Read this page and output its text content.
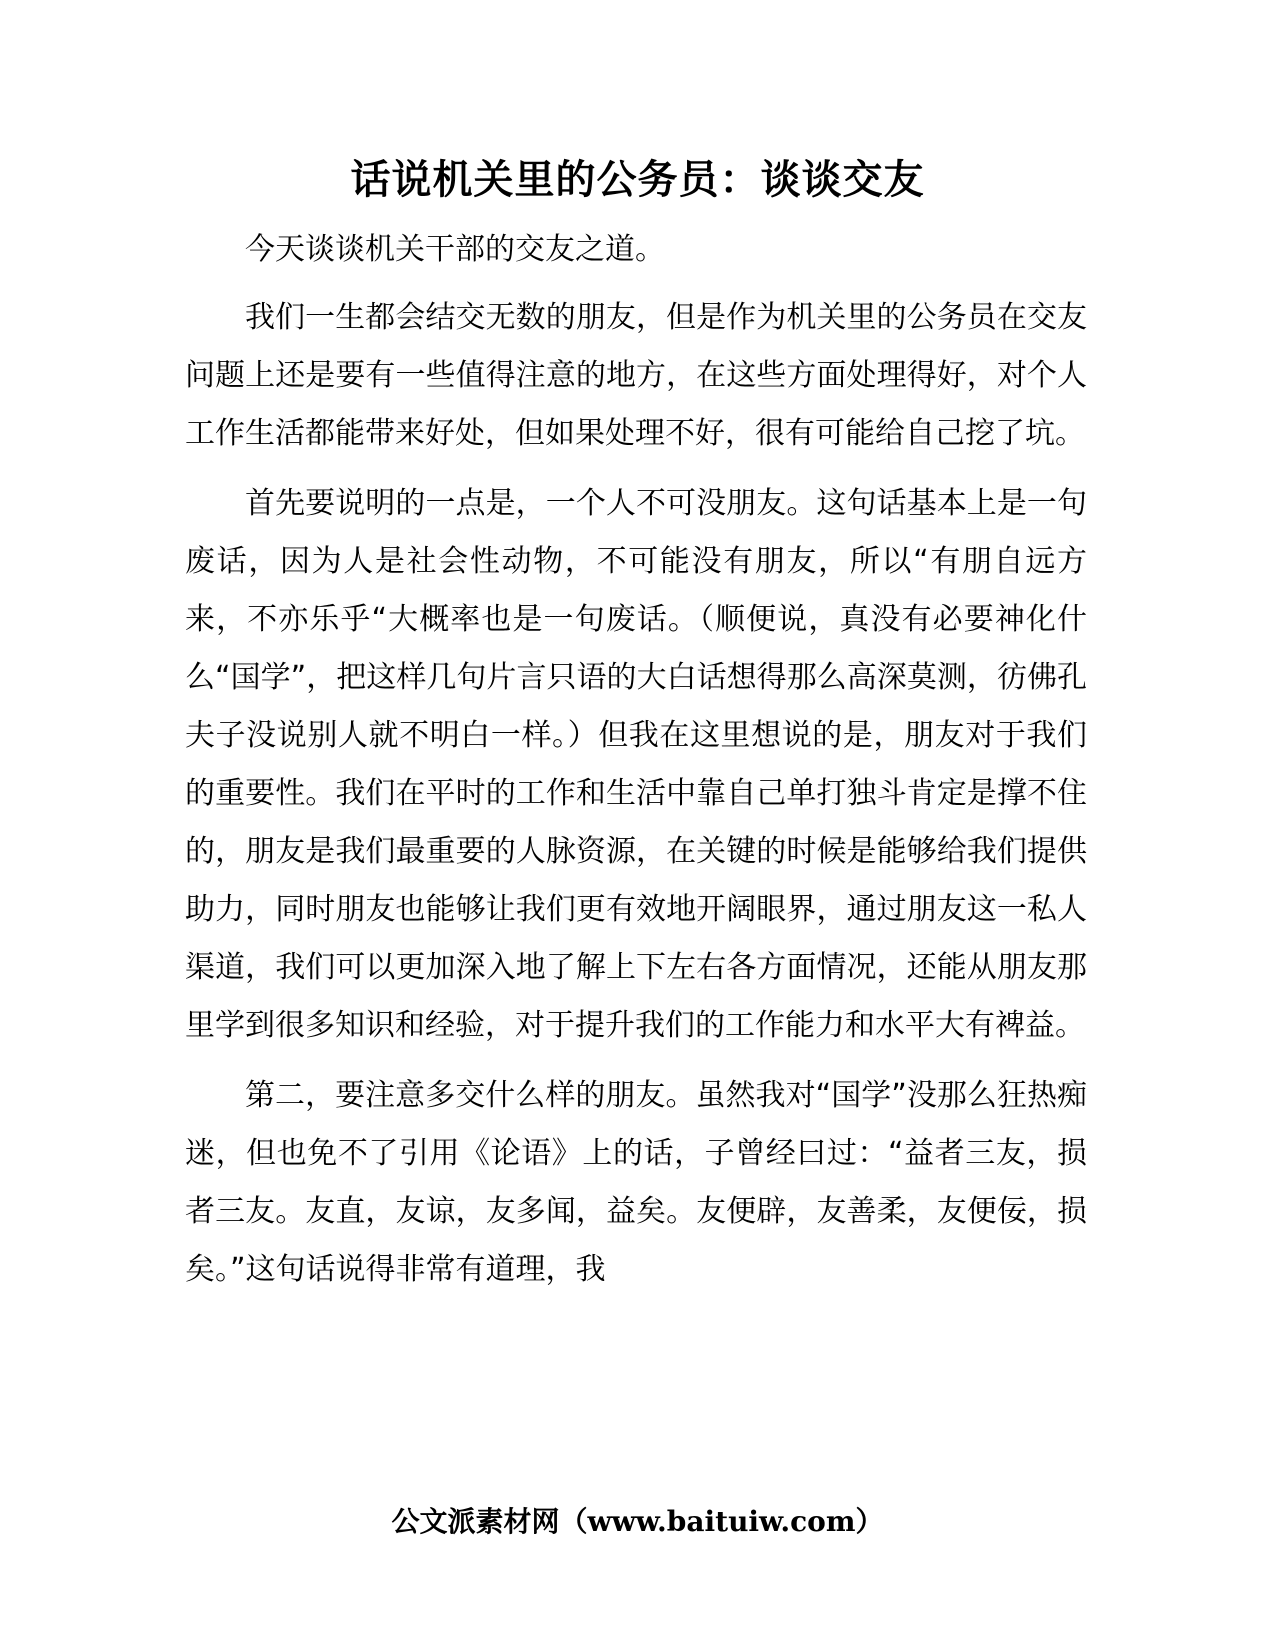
话说机关里的公务员：谈谈交友

今天谈谈机关干部的交友之道。

我们一生都会结交无数的朋友，但是作为机关里的公务员在交友问题上还是要有一些值得注意的地方，在这些方面处理得好，对个人工作生活都能带来好处，但如果处理不好，很有可能给自己挖了坑。

首先要说明的一点是，一个人不可没朋友。这句话基本上是一句废话，因为人是社会性动物，不可能没有朋友，所以“有朋自远方来，不亦乐乎“大概率也是一句废话。（顺便说，真没有必要神化什么“国学”，把这样几句片言只语的大白话想得那么高深莫测，彷佛孔夫子没说别人就不明白一样。）但我在这里想说的是，朋友对于我们的重要性。我们在平时的工作和生活中靠自己单打独斗肯定是撑不住的，朋友是我们最重要的人脉资源，在关键的时候是能够给我们提供助力，同时朋友也能够让我们更有效地开阔眼界，通过朋友这一私人渠道，我们可以更加深入地了解上下左右各方面情况，还能从朋友那里学到很多知识和经验，对于提升我们的工作能力和水平大有裨益。

第二，要注意多交什么样的朋友。虽然我对“国学”没那么狂热痴迷，但也免不了引用《论语》上的话，子曾经曰过：“益者三友，损者三友。友直，友谅，友多闻，益矣。友便辟，友善柔，友便佞，损矣。”这句话说得非常有道理，我

公文派素材网（www.baituiw.com）
